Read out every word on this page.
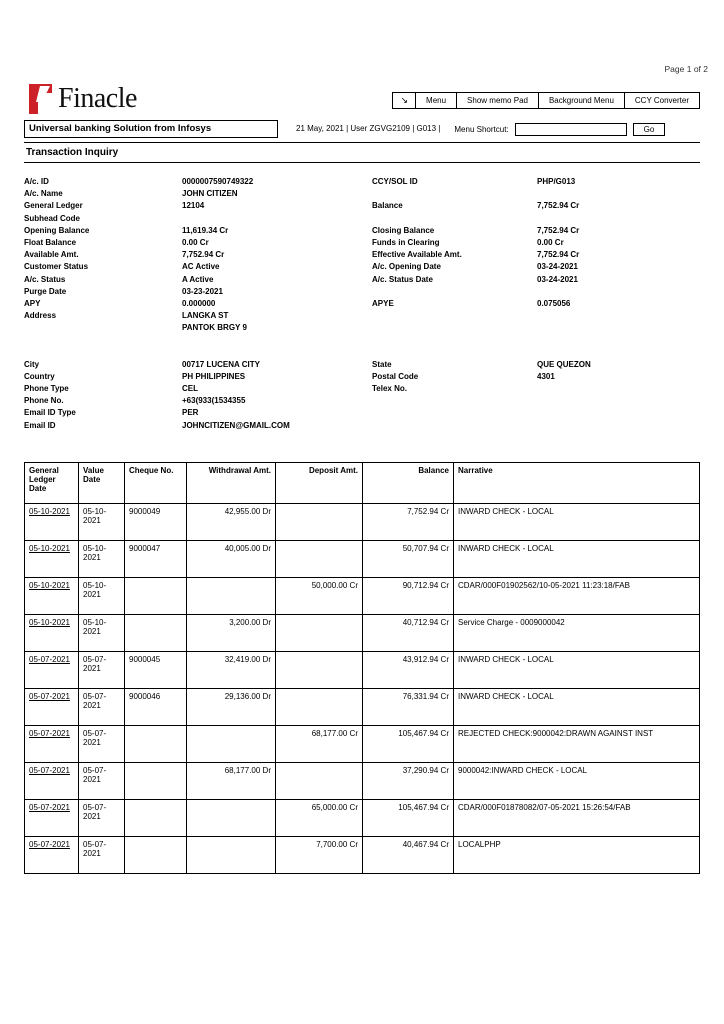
Page 1 of 2
Finacle	↘	Menu	Show memo Pad	Background Menu	CCY Converter
Universal banking Solution from Infosys	21 May, 2021 | User ZGVG2109 | G013 | Menu Shortcut:	Go
Transaction Inquiry
A/c. ID	0000007590749322	CCY/SOL ID	PHP/G013
A/c. Name	JOHN CITIZEN
General Ledger	12104	Balance	7,752.94 Cr
Subhead Code
Opening Balance	11,619.34 Cr	Closing Balance	7,752.94 Cr
Float Balance	0.00 Cr	Funds in Clearing	0.00 Cr
Available Amt.	7,752.94 Cr	Effective Available Amt.	7,752.94 Cr
Customer Status	AC Active	A/c. Opening Date	03-24-2021
A/c. Status	A Active	A/c. Status Date	03-24-2021
Purge Date	03-23-2021
APY	0.000000	APYE	0.075056
Address	LANGKA ST
PANTOK BRGY 9
City	00717 LUCENA CITY	State	QUE QUEZON
Country	PH PHILIPPINES	Postal Code	4301
Phone Type	CEL	Telex No.
Phone No.	+63(933(1534355
Email ID Type	PER
Email ID	JOHNCITIZEN@GMAIL.COM
General Ledger Date	Value Date	Cheque No.	Withdrawal Amt.	Deposit Amt.	Balance	Narrative
05-10-2021	05-10-2021	9000049	42,955.00 Dr		7,752.94 Cr	INWARD CHECK - LOCAL
05-10-2021	05-10-2021	9000047	40,005.00 Dr		50,707.94 Cr	INWARD CHECK - LOCAL
05-10-2021	05-10-2021			50,000.00 Cr	90,712.94 Cr	CDAR/000F01902562/10-05-2021 11:23:18/FAB
05-10-2021	05-10-2021		3,200.00 Dr		40,712.94 Cr	Service Charge - 0009000042
05-07-2021	05-07-2021	9000045	32,419.00 Dr		43,912.94 Cr	INWARD CHECK - LOCAL
05-07-2021	05-07-2021	9000046	29,136.00 Dr		76,331.94 Cr	INWARD CHECK - LOCAL
05-07-2021	05-07-2021			68,177.00 Cr	105,467.94 Cr	REJECTED CHECK:9000042:DRAWN AGAINST INST
05-07-2021	05-07-2021		68,177.00 Dr		37,290.94 Cr	9000042:INWARD CHECK - LOCAL
05-07-2021	05-07-2021			65,000.00 Cr	105,467.94 Cr	CDAR/000F01878082/07-05-2021 15:26:54/FAB
05-07-2021	05-07-2021			7,700.00 Cr	40,467.94 Cr	LOCALPHP
